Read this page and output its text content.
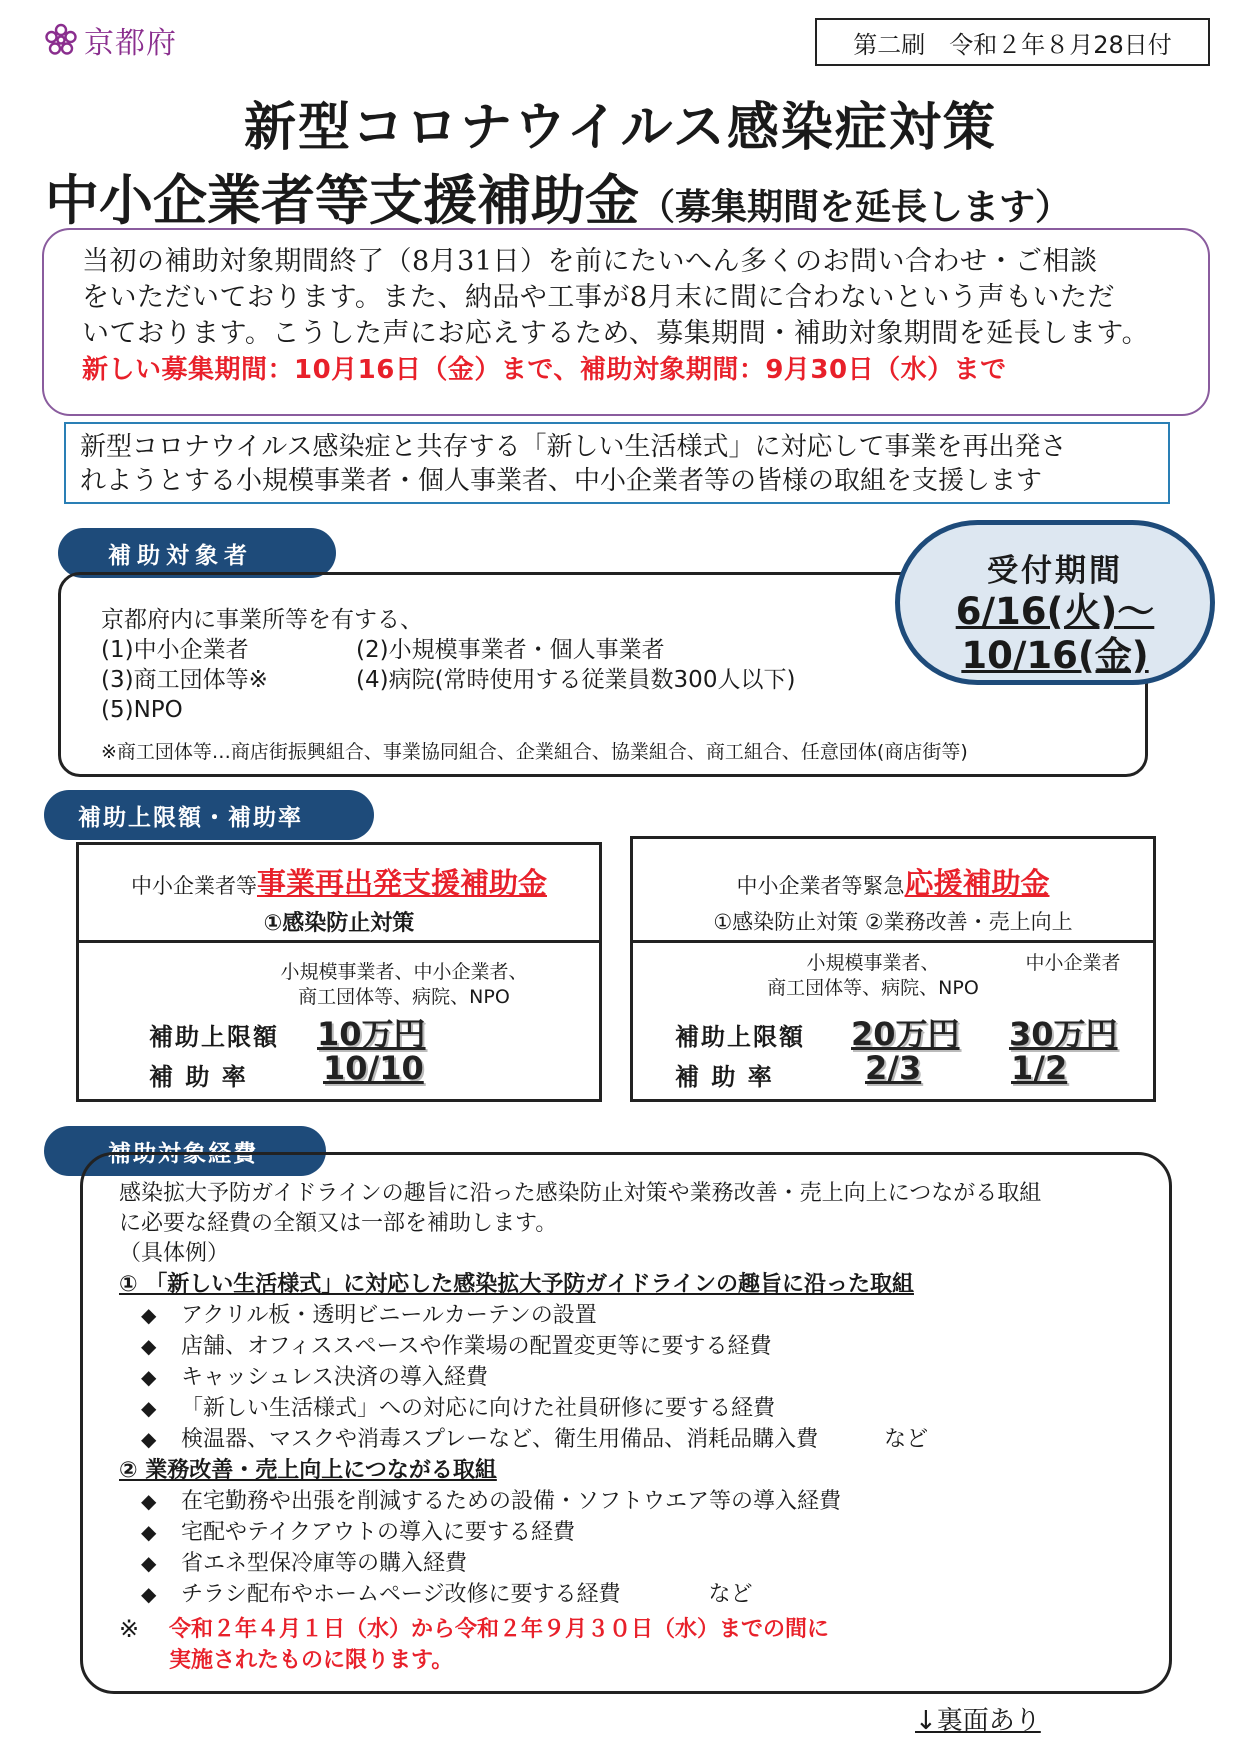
京都府	第二刷　令和２年８月28日付
新型コロナウイルス感染症対策
中小企業者等支援補助金（募集期間を延長します）

当初の補助対象期間終了（8月31日）を前にたいへん多くのお問い合わせ・ご相談

をいただいております。また、納品や工事が8月末に間に合わないという声もいただ

いております。こうした声にお応えするため、募集期間・補助対象期間を延長します。

新しい募集期間：10月16日（金）まで、補助対象期間：9月30日（水）まで

新型コロナウイルス感染症と共存する「新しい生活様式」に対応して事業を再出発さ

れようとする小規模事業者・個人事業者、中小企業者等の皆様の取組を支援します

補助対象者
京都府内に事業所等を有する、
(1)中小企業者	(2)小規模事業者・個人事業者
(3)商工団体等※	(4)病院(常時使用する従業員数300人以下)
(5)NPO
※商工団体等…商店街振興組合、事業協同組合、企業組合、協業組合、商工組合、任意団体(商店街等)
受付期間
6/16(火)～
10/16(金)
補助上限額・補助率
中小企業者等事業再出発支援補助金
①感染防止対策
小規模事業者、中小企業者、
商工団体等、病院、NPO
補助上限額 10万円
補 助 率 10/10
中小企業者等緊急応援補助金
①感染防止対策 ②業務改善・売上向上
小規模事業者、
商工団体等、病院、NPO
中小企業者
補助上限額 20万円 30万円
補 助 率	2/3	1/2
補助対象経費
感染拡大予防ガイドラインの趣旨に沿った感染防止対策や業務改善・売上向上につながる取組
に必要な経費の全額又は一部を補助します。
（具体例）
① 「新しい生活様式」に対応した感染拡大予防ガイドラインの趣旨に沿った取組
◆ アクリル板・透明ビニールカーテンの設置
◆ 店舗、オフィススペースや作業場の配置変更等に要する経費
◆ キャッシュレス決済の導入経費
◆ 「新しい生活様式」への対応に向けた社員研修に要する経費
◆ 検温器、マスクや消毒スプレーなど、衛生用備品、消耗品購入費　　　など
② 業務改善・売上向上につながる取組
◆ 在宅勤務や出張を削減するための設備・ソフトウエア等の導入経費
◆ 宅配やテイクアウトの導入に要する経費
◆ 省エネ型保冷庫等の購入経費
◆ チラシ配布やホームページ改修に要する経費　　　　など
※	令和２年４月１日（水）から令和２年９月３０日（水）までの間に
実施されたものに限ります。
↓裏面あり
